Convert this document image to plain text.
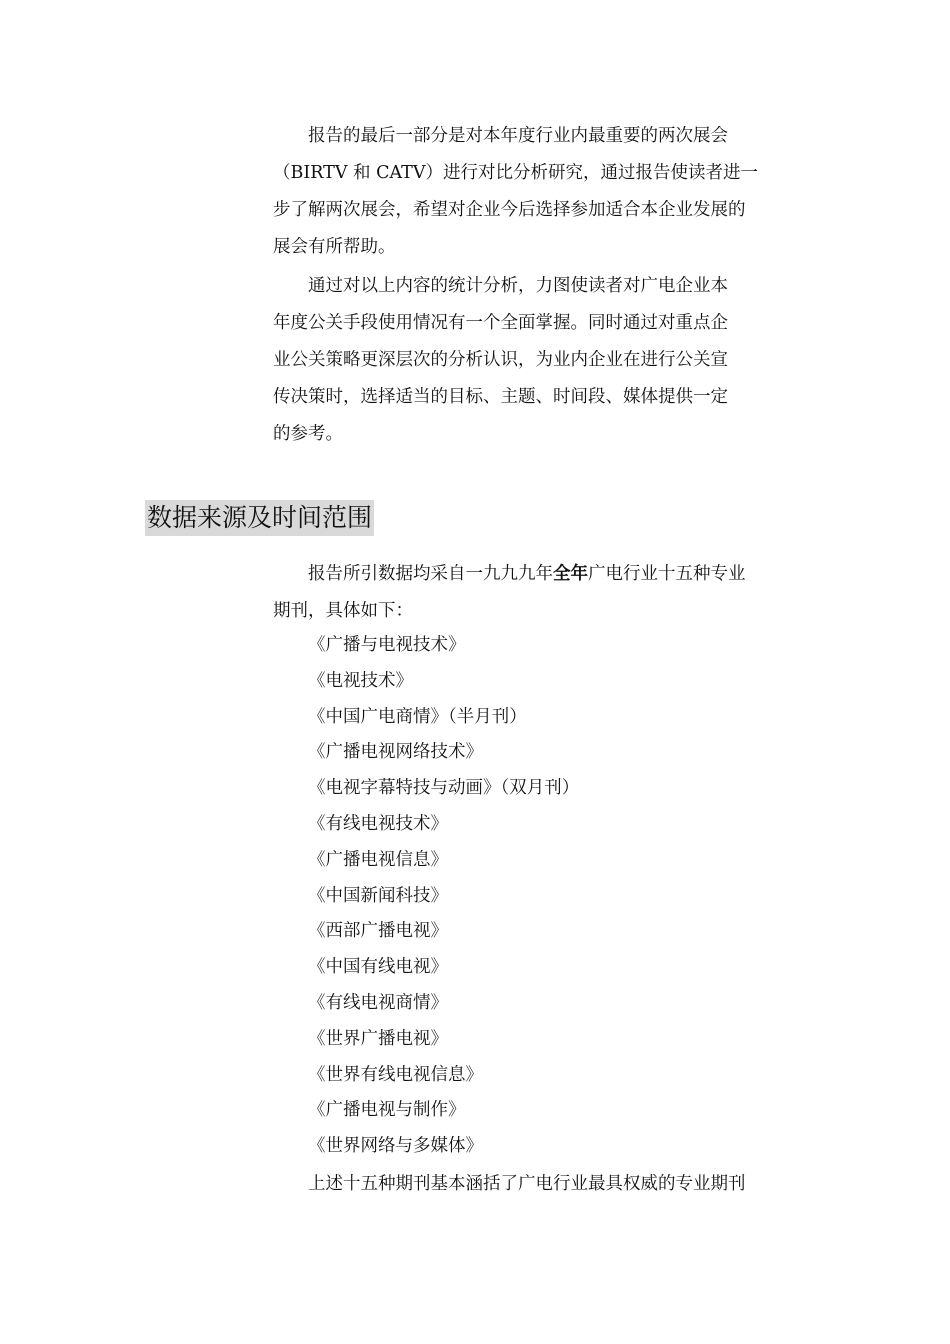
报告的最后一部分是对本年度行业内最重要的两次展会
（BIRTV 和 CATV）进行对比分析研究，通过报告使读者进一
步了解两次展会，希望对企业今后选择参加适合本企业发展的
展会有所帮助。
通过对以上内容的统计分析，力图使读者对广电企业本
年度公关手段使用情况有一个全面掌握。同时通过对重点企
业公关策略更深层次的分析认识，为业内企业在进行公关宣
传决策时，选择适当的目标、主题、时间段、媒体提供一定
的参考。
数据来源及时间范围
报告所引数据均采自一九九九年全年广电行业十五种专业
期刊，具体如下：
《广播与电视技术》
《电视技术》
《中国广电商情》（半月刊）
《广播电视网络技术》
《电视字幕特技与动画》（双月刊）
《有线电视技术》
《广播电视信息》
《中国新闻科技》
《西部广播电视》
《中国有线电视》
《有线电视商情》
《世界广播电视》
《世界有线电视信息》
《广播电视与制作》
《世界网络与多媒体》
上述十五种期刊基本涵括了广电行业最具权威的专业期刊
